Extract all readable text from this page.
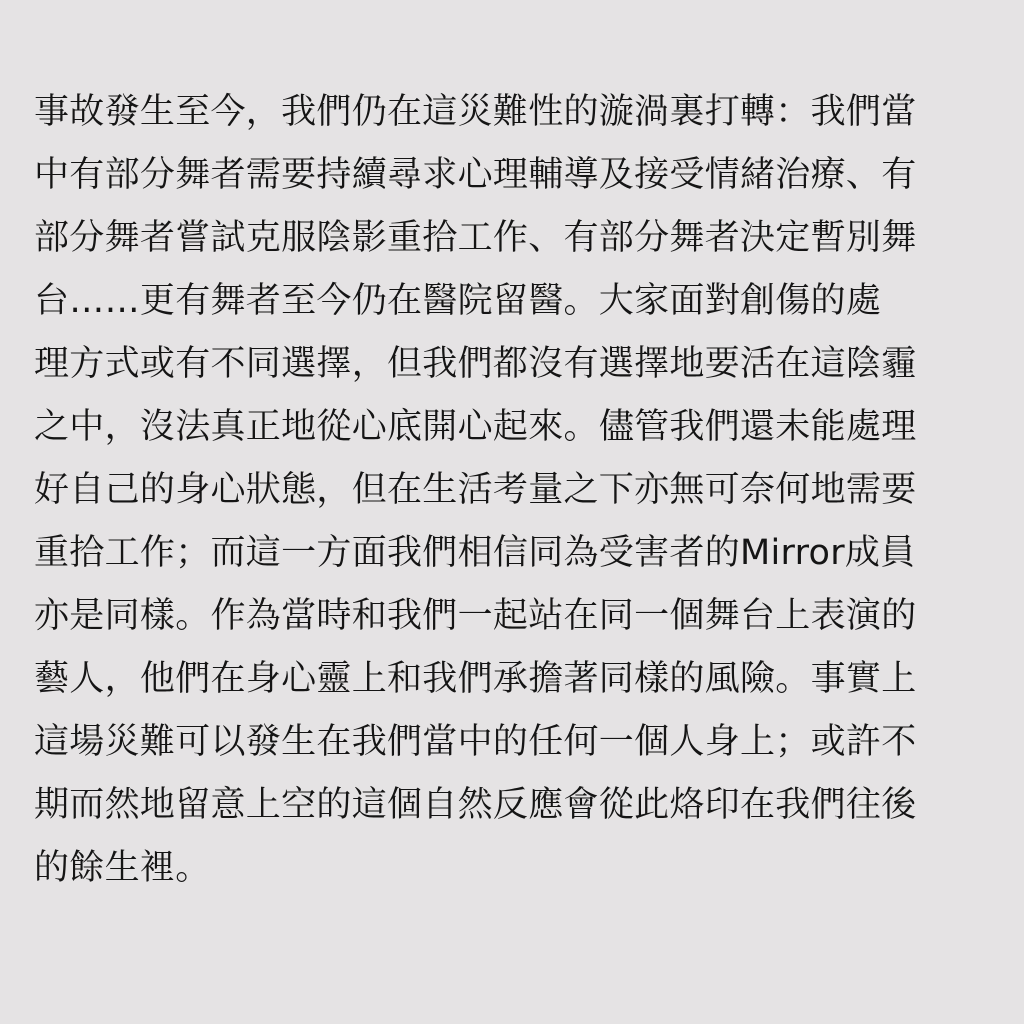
事故發生至今，我們仍在這災難性的漩渦裏打轉：我們當
中有部分舞者需要持續尋求心理輔導及接受情緒治療、有
部分舞者嘗試克服陰影重拾工作、有部分舞者決定暫別舞
台……更有舞者至今仍在醫院留醫。大家面對創傷的處
理方式或有不同選擇，但我們都沒有選擇地要活在這陰霾
之中，沒法真正地從心底開心起來。儘管我們還未能處理
好自己的身心狀態，但在生活考量之下亦無可奈何地需要
重拾工作；而這一方面我們相信同為受害者的Mirror成員
亦是同樣。作為當時和我們一起站在同一個舞台上表演的
藝人，他們在身心靈上和我們承擔著同樣的風險。事實上
這場災難可以發生在我們當中的任何一個人身上；或許不
期而然地留意上空的這個自然反應會從此烙印在我們往後
的餘生裡。
